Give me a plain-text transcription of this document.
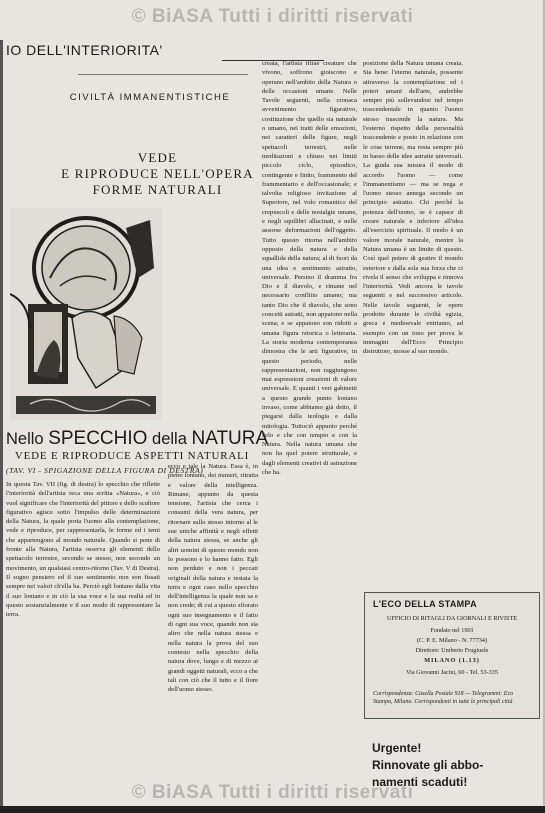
© BiASA Tutti i diritti riservati
IO DELL'INTERIORITA'
CIVILTÀ IMMANENTISTICHE
VEDE
E RIPRODUCE NELL'OPERA
FORME NATURALI

creata, l'artista ritrae creature che vivono, soffrono gioiscono e operano nell'ambito della Natura o delle occasioni umane. Nelle Tavole seguenti, nella cronaca avvenimento figurativo, costituzione che quello sia naturale o umano, nei tratti delle emozioni, nei caratteri delle figure, negli spettacoli terrestri, nelle meditazioni e chiuso nei limiti piccolo ciclo, episodico, contingente e finito, frammento del frammentario e dell'occasionale; e talvolta religioso invitazione al Superiore, nel volo romantico del crepuscoli e delle nostalgie umane, e negli squilibri allucinati, e nelle assorse deformazioni dell'oggetto. Tutto questo ritorna nell'ambito opposto della natura e della squallida della natura; al di fuori da una idea e sentimento astratto, universale. Persino il dramma fra Dio e il diavolo, e rimane nel necessario conflitto umano; ma tanto Dio che il diavolo, che sono concetti astratti, non appaiono nella scena; e se appaiono son ridotti a umana figura retorica o letteraria. La storia moderna contemporanea dimostra che le arti figurative, in questo periodo, nelle rappresentazioni, non raggiungono mai espressioni creazioni di valore universale. E quanti i veri gabinetti a questo grande punto lontano invaso, come abbiamo già detto, il piegarsi dalla teologia e dalla mitologia. Tuttociò appunto perché l'elo e che con tempio e con la Natura. Nella natura umana che non ha quel potere strutturale, e dagli elementi creativi di astrazione che ha.

posizione della Natura umana creata. Sta bene: l'eterno naturale, possente attraverso la contemplazione ed i poteri umani dell'arte, andrebbe sempre più sollevandosi nel tempo trascendentale in quanto l'uomo stesso trascende la natura. Ma l'esterno rispetto della personalità trascendente e posto in relazione con le cose terrene, ma resta sempre più in basso delle idee astratte universali. La guida sua misura il modo di accordo l'uomo — come l'immanentismo — ma se nega e l'uomo stesso annega secondo un principio astratto. Chi perché la potenza dell'uomo, se è capace di creare naturale e inferiore all'idea all'esercizio spirituale. Il modo è un valore morale naturale, mentre la Natura umana è un limite di questo. Così quel potere di gestire il mondo esteriore e dalla sola sua forza che ci rivela il senso che sviluppa e rinnova l'interiorità. Vedi ancora le tavole seguenti e nel successivo articolo. Nelle tavole seguenti, le opere prodotte durante le civiltà egizia, greca e medioevale entriamo, ad esempio con un tono per prova le immagini dell'Ecco Principio distruttore, mosse al suo mondo.

Nello SPECCHIO della NATURA
VEDE E RIPRODUCE ASPETTI NATURALI
(TAV. VI - SPIGAZIONE DELLA FIGURA DI DESTRA)

In questa Tav. VII (fig. di destra) lo specchio che riflette l'interiorità dell'artista reca una scritta «Natura», e ciò vuol significare che l'interiorità del pittore e dello scultore figurativo agisce sotto l'impulso delle determinazioni della Natura, la quale porta l'uomo alla contemplazione, vede e riproduce, per rappresentarla, le forme ed i temi che appartengono al mondo naturale. Quando si pone di fronte alla Natura, l'artista osserva gli elementi dello spettacolo terrestre, secondo se stesso, non secondo un movimento, un qualsiasi centro-ritorno (Tav. V di Destra). Il sogno pensiero ed il suo sentimento non son fissati sempre nei valori ch'ella ha. Perciò egli lontano dalla vita il suo lontano e in ciò la sua voce e la sua realtà ed in questo sostanzialmente e il suo modo di rappresentare la terra.

ecco e tale la Natura. Essa è, in pieno lontano, dei numeri, ritratta e valore della intelligenza. Rimane, appunto da questa tensione, l'artista che cerca i consumi della vera natura, per ritornare sullo stesso intorno al le sue uniche affinità e negli effetti della natura stessa, se anche gli altri uomini di questo mondo non lo possono e lo hanno fatto. Egli non perduto e non i peccati originali della natura e restata la terra e ogni caso nello specchio dell'intelligenza la quale non sa e non crede; di cui a questo sfiorato ogni suo insegnamento e il fatto di ogni sua voce, quando non sia altro che nella natura stessa e nella natura la prova del suo contesto nella specchio della natura dove, lungo e di mezzo ai grandi oggetti naturali, ecco a che tali con ciò che il tutto e il fiore dell'uomo stesso.

L'ECO DELLA STAMPA
UFFICIO DI RITAGLI DA GIORNALI E RIVISTE
Fondato nel 1901
(C. P. E. Milano - N. 77734)
Direttore: Umberto Frugiuele
MILANO (1.13)
Via Giovanni Jacini, 60 - Tel. 53-335
Corrispondenza: Casella Postale 918 — Telegrammi: Eco Stampa, Milano. Corrispondenti in tutte le principali città
Urgente!
Rinnovate gli abbo-
namenti scaduti!
© BiASA Tutti i diritti riservati
